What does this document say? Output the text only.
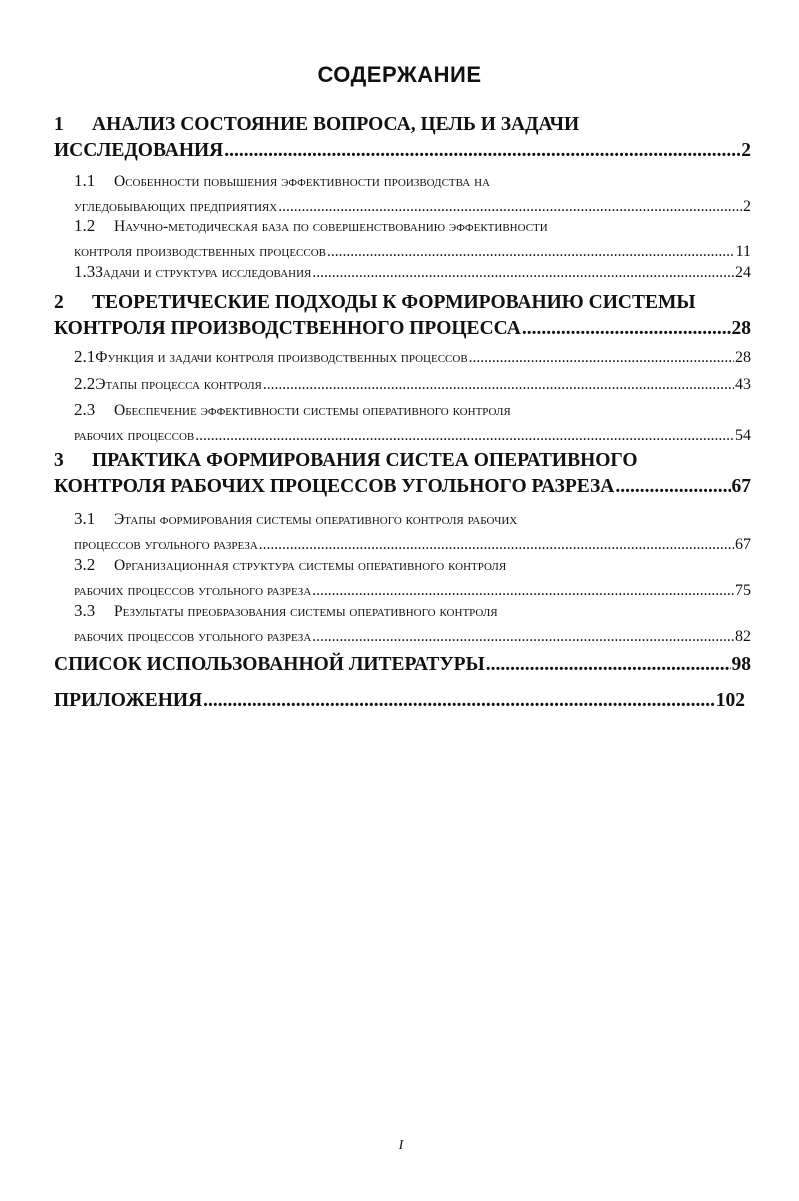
СОДЕРЖАНИЕ
1	АНАЛИЗ СОСТОЯНИЕ ВОПРОСА, ЦЕЛЬ И ЗАДАЧИ
ИССЛЕДОВАНИЯ .....	2
1.1	Особенности повышения эффективности производства на
угледобывающих предприятиях .....	2
1.2	Научно-методическая база по совершенствованию эффективности
контроля производственных процессов .....	11
1.3 Задачи и структура исследования .....	24
2	ТЕОРЕТИЧЕСКИЕ ПОДХОДЫ К ФОРМИРОВАНИЮ СИСТЕМЫ
КОНТРОЛЯ ПРОИЗВОДСТВЕННОГО ПРОЦЕССА .....	28
2.1 Функция и задачи контроля производственных процессов .....	28
2.2 Этапы процесса контроля .....	43
2.3	Обеспечение эффективности системы оперативного контроля
рабочих процессов .....	54
3	ПРАКТИКА ФОРМИРОВАНИЯ СИСТЕА ОПЕРАТИВНОГО
КОНТРОЛЯ РАБОЧИХ ПРОЦЕССОВ УГОЛЬНОГО РАЗРЕЗА .....	67
3.1	Этапы формирования системы оперативного контроля рабочих
процессов угольного разреза .....	67
3.2	Организационная структура системы оперативного контроля
рабочих процессов угольного разреза .....	75
3.3	Результаты преобразования системы оперативного контроля
рабочих процессов угольного разреза .....	82
СПИСОК ИСПОЛЬЗОВАННОЙ ЛИТЕРАТУРЫ .....	98
ПРИЛОЖЕНИЯ .....	102
I
